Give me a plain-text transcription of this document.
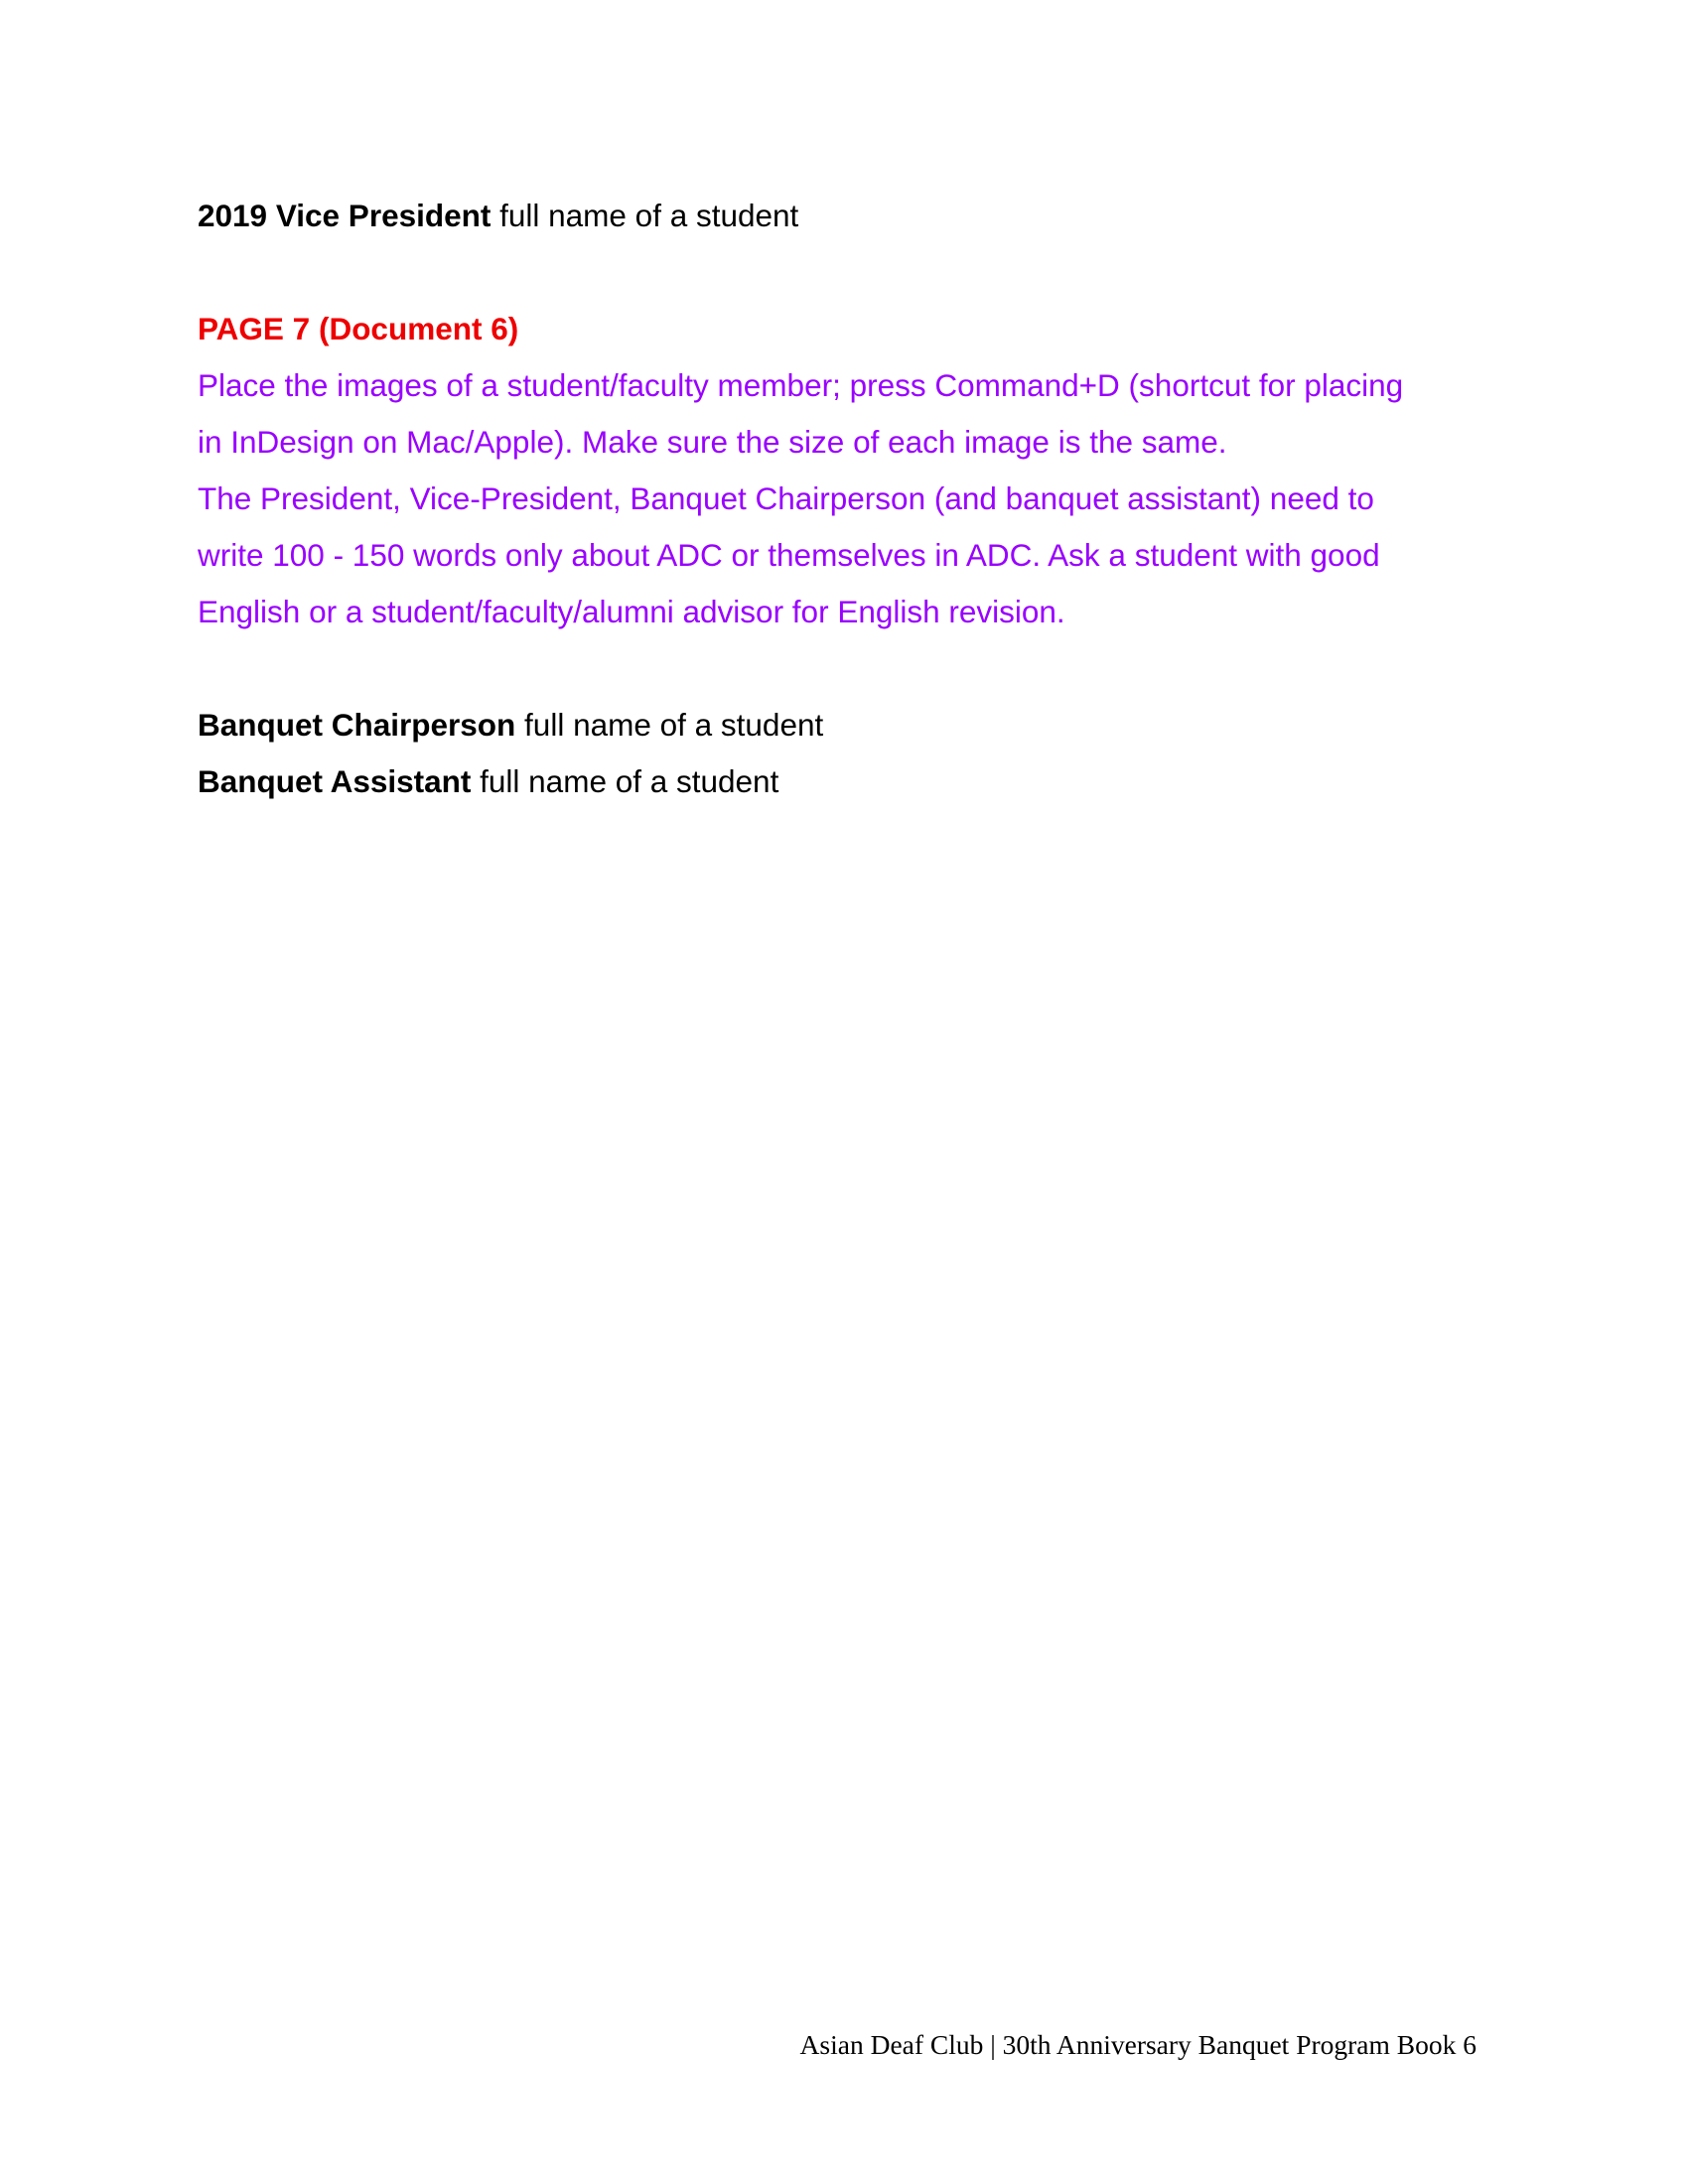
2019 Vice President full name of a student

PAGE 7 (Document 6)

Place the images of a student/faculty member; press Command+D (shortcut for placing

in InDesign on Mac/Apple). Make sure the size of each image is the same.

The President, Vice-President, Banquet Chairperson (and banquet assistant) need to

write 100 - 150 words only about ADC or themselves in ADC. Ask a student with good

English or a student/faculty/alumni advisor for English revision.

Banquet Chairperson full name of a student

Banquet Assistant full name of a student

Asian Deaf Club | 30th Anniversary Banquet Program Book 6
